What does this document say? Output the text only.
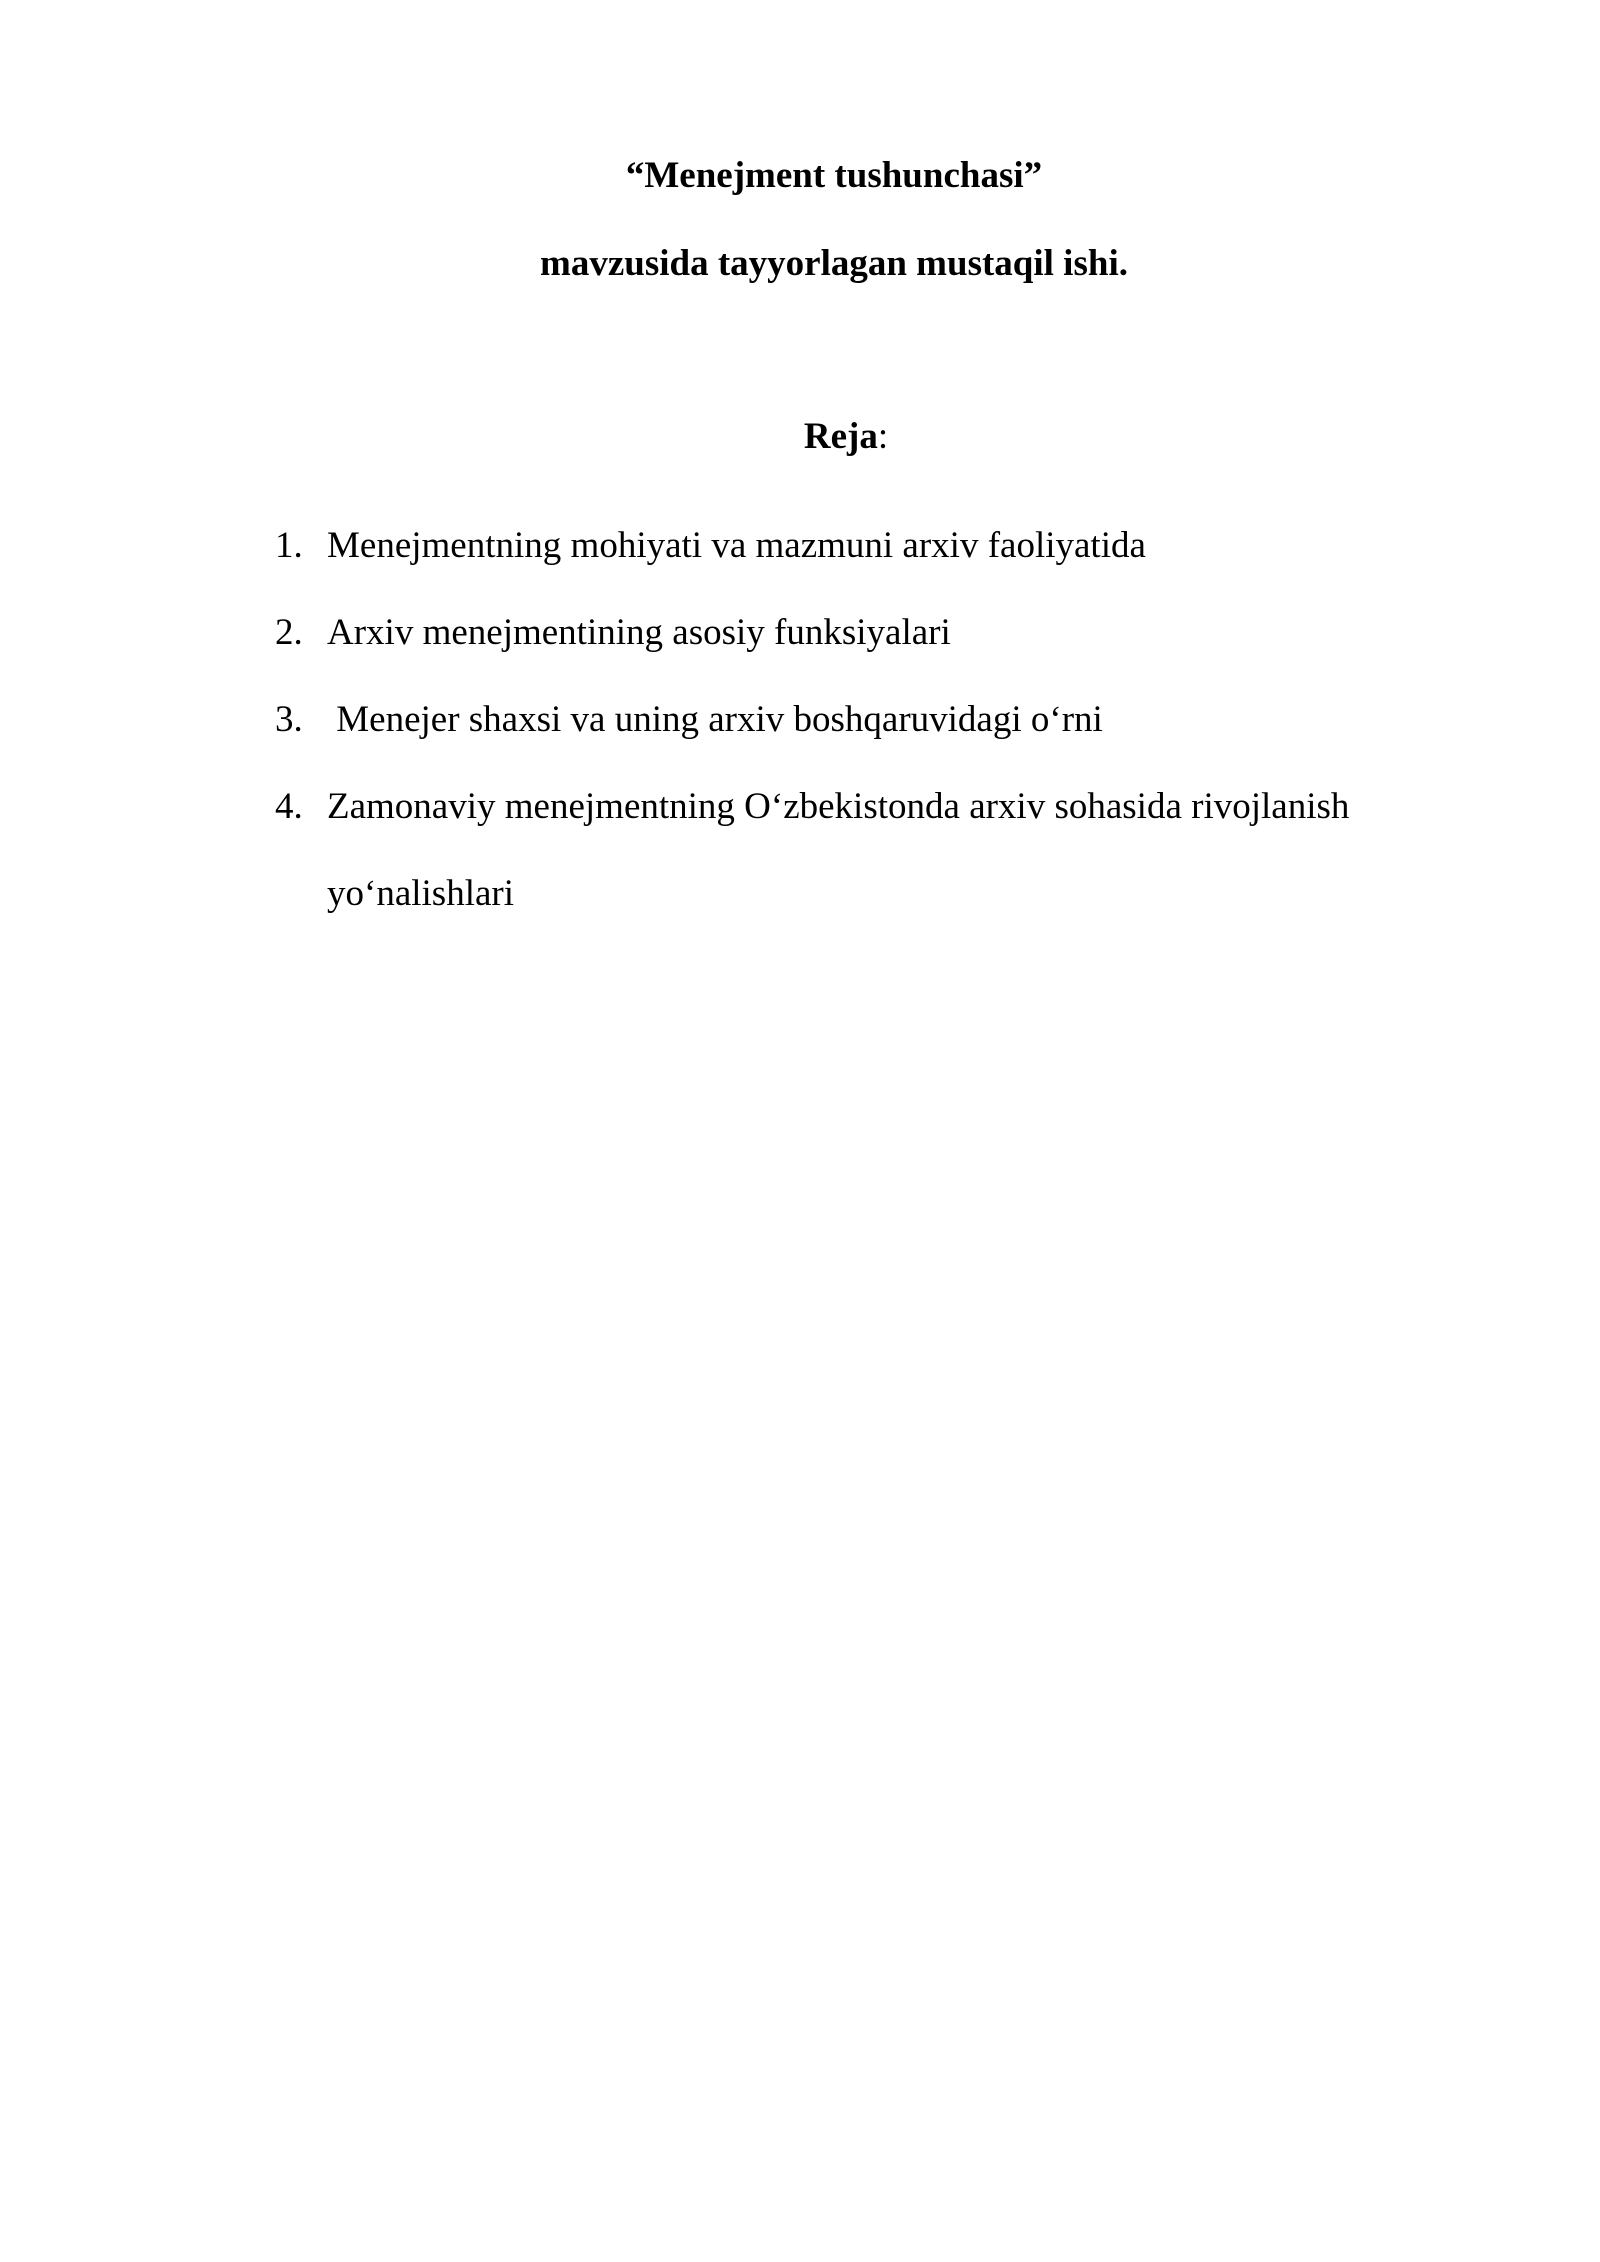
“Menejment tushunchasi”
mavzusida tayyorlagan mustaqil ishi.
Reja:
1. Menejmentning mohiyati va mazmuni arxiv faoliyatida
2. Arxiv menejmentining asosiy funksiyalari
3. Menejer shaxsi va uning arxiv boshqaruvidagi o‘rni
4. Zamonaviy menejmentning O‘zbekistonda arxiv sohasida rivojlanish yo‘nalishlari
